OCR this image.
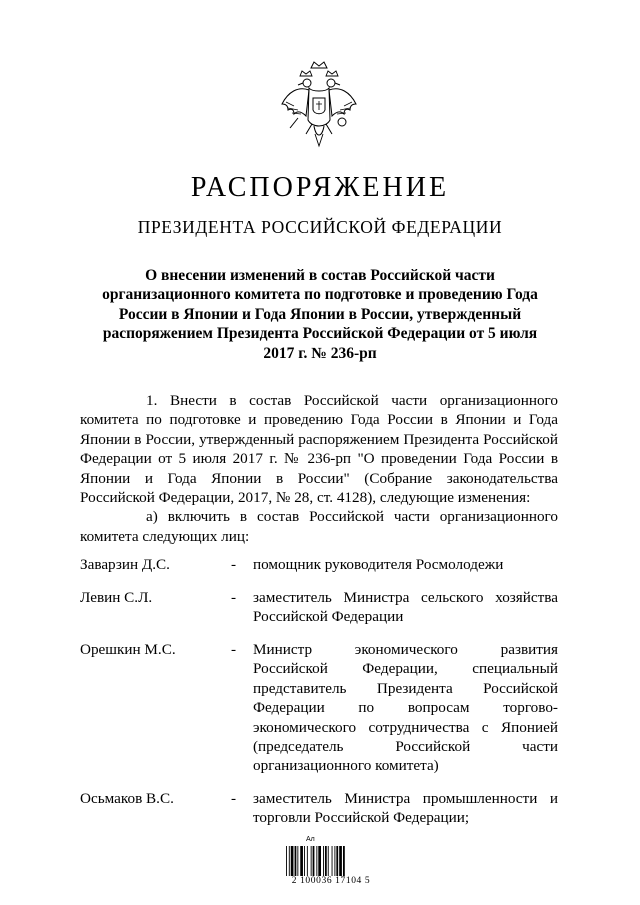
РАСПОРЯЖЕНИЕ
ПРЕЗИДЕНТА РОССИЙСКОЙ ФЕДЕРАЦИИ
О внесении изменений в состав Российской части организационного комитета по подготовке и проведению Года России в Японии и Года Японии в России, утвержденный распоряжением Президента Российской Федерации от 5 июля 2017 г. № 236-рп

1. Внести в состав Российской части организационного комитета по подготовке и проведению Года России в Японии и Года Японии в России, утвержденный распоряжением Президента Российской Федерации от 5 июля 2017 г. № 236-рп "О проведении Года России в Японии и Года Японии в России" (Собрание законодательства Российской Федерации, 2017, № 28, ст. 4128), следующие изменения:

а) включить в состав Российской части организационного комитета следующих лиц:

Заварзин Д.С.	-	помощник руководителя Росмолодежи
Левин С.Л.	-	заместитель Министра сельского хозяйства Российской Федерации
Орешкин М.С.	-	Министр экономического развития Российской Федерации, специальный представитель Президента Российской Федерации по вопросам торгово-экономического сотрудничества с Японией (председатель Российской части организационного комитета)
Осьмаков В.С.	-	заместитель Министра промышленности и торговли Российской Федерации;
Ал
2 100036 17104 5
